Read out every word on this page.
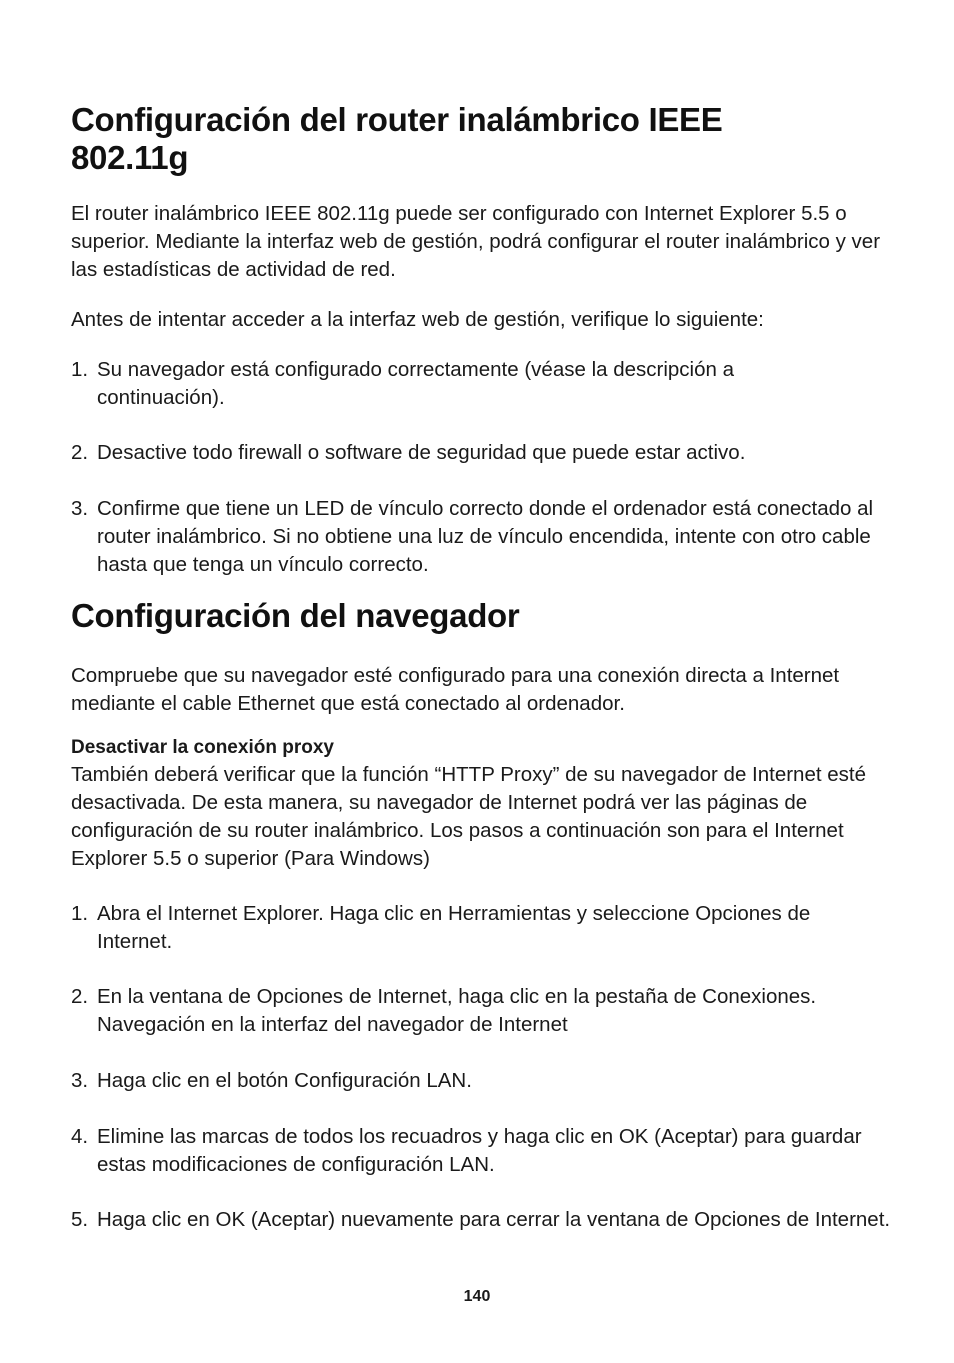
Configuración del router inalámbrico IEEE 802.11g

El router inalámbrico IEEE 802.11g puede ser configurado con Internet Explorer 5.5 o superior. Mediante la interfaz web de gestión, podrá configurar el router inalámbrico y ver las estadísticas de actividad de red.

Antes de intentar acceder a la interfaz web de gestión, verifique lo siguiente:

1. Su navegador está configurado correctamente (véase la descripción a continuación).
2. Desactive todo firewall o software de seguridad que puede estar activo.
3. Confirme que tiene un LED de vínculo correcto donde el ordenador está conectado al router inalámbrico. Si no obtiene una luz de vínculo encendida, intente con otro cable hasta que tenga un vínculo correcto.
Configuración del navegador

Compruebe que su navegador esté configurado para una conexión directa a Internet mediante el cable Ethernet que está conectado al ordenador.

Desactivar la conexión proxy

También deberá verificar que la función “HTTP Proxy” de su navegador de Internet esté desactivada. De esta manera, su navegador de Internet podrá ver las páginas de configuración de su router inalámbrico. Los pasos a continuación son para el Internet Explorer 5.5 o superior (Para Windows)

1. Abra el Internet Explorer. Haga clic en Herramientas y seleccione Opciones de Internet.
2. En la ventana de Opciones de Internet, haga clic en la pestaña de Conexiones. Navegación en la interfaz del navegador de Internet
3. Haga clic en el botón Configuración LAN.
4. Elimine las marcas de todos los recuadros y haga clic en OK (Aceptar) para guardar estas modificaciones de configuración LAN.
5. Haga clic en OK (Aceptar) nuevamente para cerrar la ventana de Opciones de Internet.
140
